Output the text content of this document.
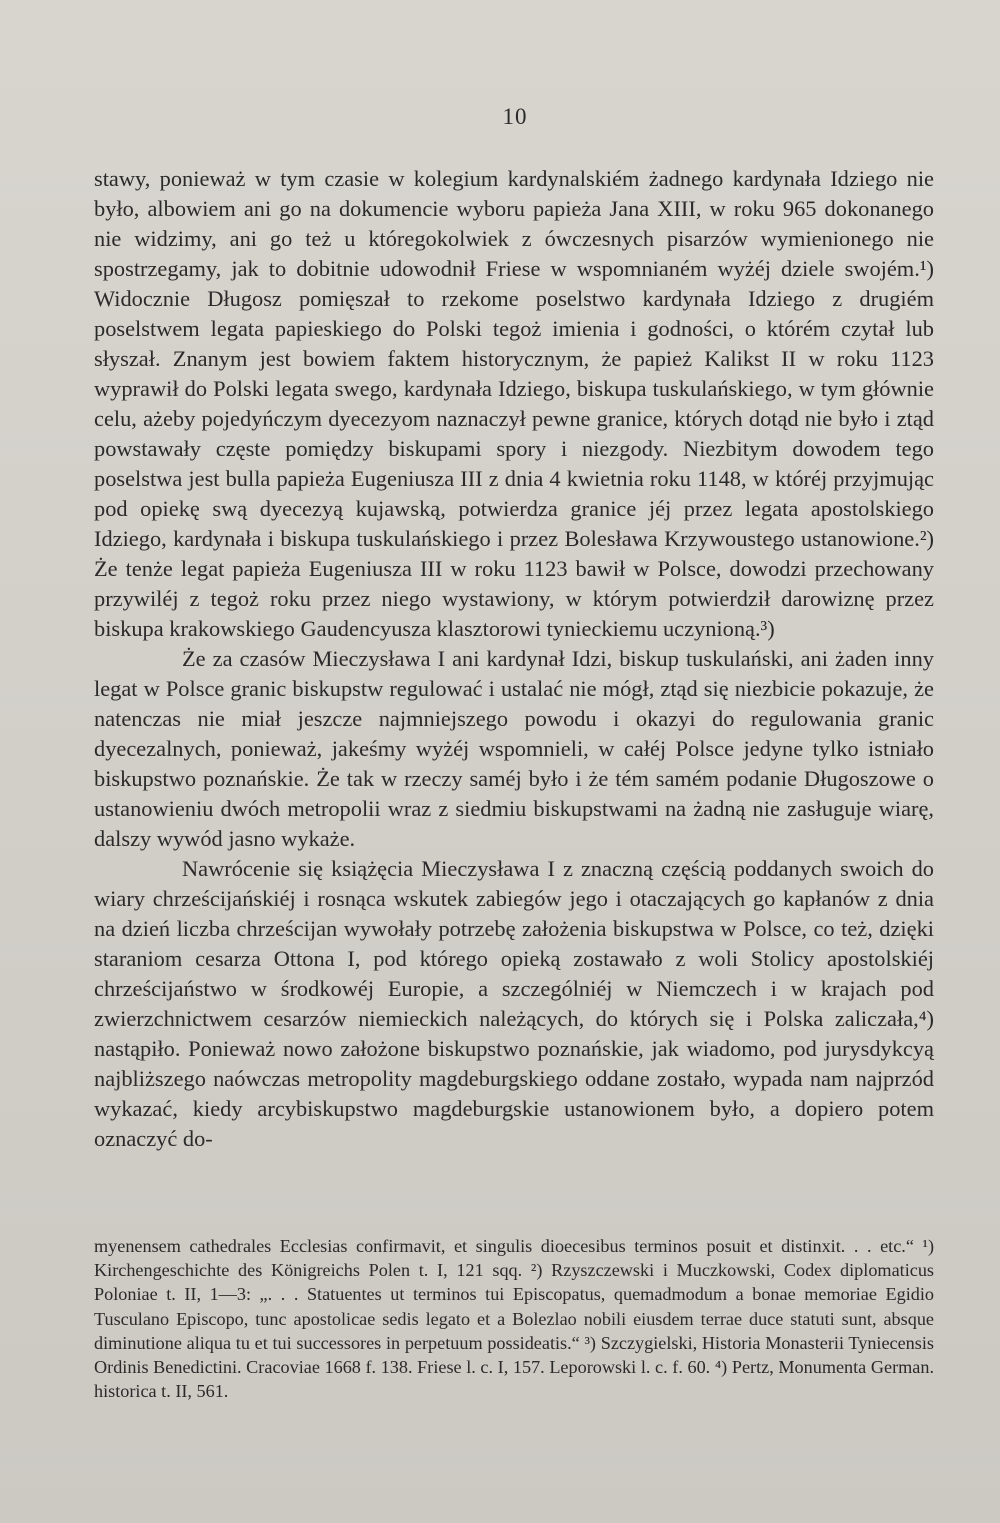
10

stawy, ponieważ w tym czasie w kolegium kardynalskiém żadnego kardynała Idziego nie było, albowiem ani go na dokumencie wyboru papieża Jana XIII, w roku 965 dokonanego nie widzimy, ani go też u któregokolwiek z ówczesnych pisarzów wymienionego nie spostrzegamy, jak to dobitnie udowodnił Friese w wspomnianém wyżéj dziele swojém.¹) Widocznie Długosz pomięszał to rzekome poselstwo kardynała Idziego z drugiém poselstwem legata papieskiego do Polski tegoż imienia i godności, o którém czytał lub słyszał. Znanym jest bowiem faktem historycznym, że papież Kalikst II w roku 1123 wyprawił do Polski legata swego, kardynała Idziego, biskupa tuskulańskiego, w tym głównie celu, ażeby pojedyńczym dyecezyom naznaczył pewne granice, których dotąd nie było i ztąd powstawały częste pomiędzy biskupami spory i niezgody. Niezbitym dowodem tego poselstwa jest bulla papieża Eugeniusza III z dnia 4 kwietnia roku 1148, w któréj przyjmując pod opiekę swą dyecezyą kujawską, potwierdza granice jéj przez legata apostolskiego Idziego, kardynała i biskupa tuskulańskiego i przez Bolesława Krzywoustego ustanowione.²) Że tenże legat papieża Eugeniusza III w roku 1123 bawił w Polsce, dowodzi przechowany przywiléj z tegoż roku przez niego wystawiony, w którym potwierdził darowiznę przez biskupa krakowskiego Gaudencyusza klasztorowi tynieckiemu uczynioną.³)

Że za czasów Mieczysława I ani kardynał Idzi, biskup tuskulański, ani żaden inny legat w Polsce granic biskupstw regulować i ustalać nie mógł, ztąd się niezbicie pokazuje, że natenczas nie miał jeszcze najmniejszego powodu i okazyi do regulowania granic dyecezalnych, ponieważ, jakeśmy wyżéj wspomnieli, w całéj Polsce jedyne tylko istniało biskupstwo poznańskie. Że tak w rzeczy saméj było i że tém samém podanie Długoszowe o ustanowieniu dwóch metropolii wraz z siedmiu biskupstwami na żadną nie zasługuje wiarę, dalszy wywód jasno wykaże.

Nawrócenie się książęcia Mieczysława I z znaczną częścią poddanych swoich do wiary chrześcijańskiéj i rosnąca wskutek zabiegów jego i otaczających go kapłanów z dnia na dzień liczba chrześcijan wywołały potrzebę założenia biskupstwa w Polsce, co też, dzięki staraniom cesarza Ottona I, pod którego opieką zostawało z woli Stolicy apostolskiéj chrześcijaństwo w środkowéj Europie, a szczególniéj w Niemczech i w krajach pod zwierzchnictwem cesarzów niemieckich należących, do których się i Polska zaliczała,⁴) nastąpiło. Ponieważ nowo założone biskupstwo poznańskie, jak wiadomo, pod jurysdykcyą najbliższego naówczas metropolity magdeburgskiego oddane zostało, wypada nam najprzód wykazać, kiedy arcybiskupstwo magdeburgskie ustanowionem było, a dopiero potem oznaczyć do-

myenensem cathedrales Ecclesias confirmavit, et singulis dioecesibus terminos posuit et distinxit. . . etc.“ ¹) Kirchengeschichte des Königreichs Polen t. I, 121 sqq. ²) Rzyszczewski i Muczkowski, Codex diplomaticus Poloniae t. II, 1—3: „. . . Statuentes ut terminos tui Episcopatus, quemadmodum a bonae memoriae Egidio Tusculano Episcopo, tunc apostolicae sedis legato et a Bolezlao nobili eiusdem terrae duce statuti sunt, absque diminutione aliqua tu et tui successores in perpetuum possideatis.“ ³) Szczygielski, Historia Monasterii Tyniecensis Ordinis Benedictini. Cracoviae 1668 f. 138. Friese l. c. I, 157. Leporowski l. c. f. 60. ⁴) Pertz, Monumenta German. historica t. II, 561.
